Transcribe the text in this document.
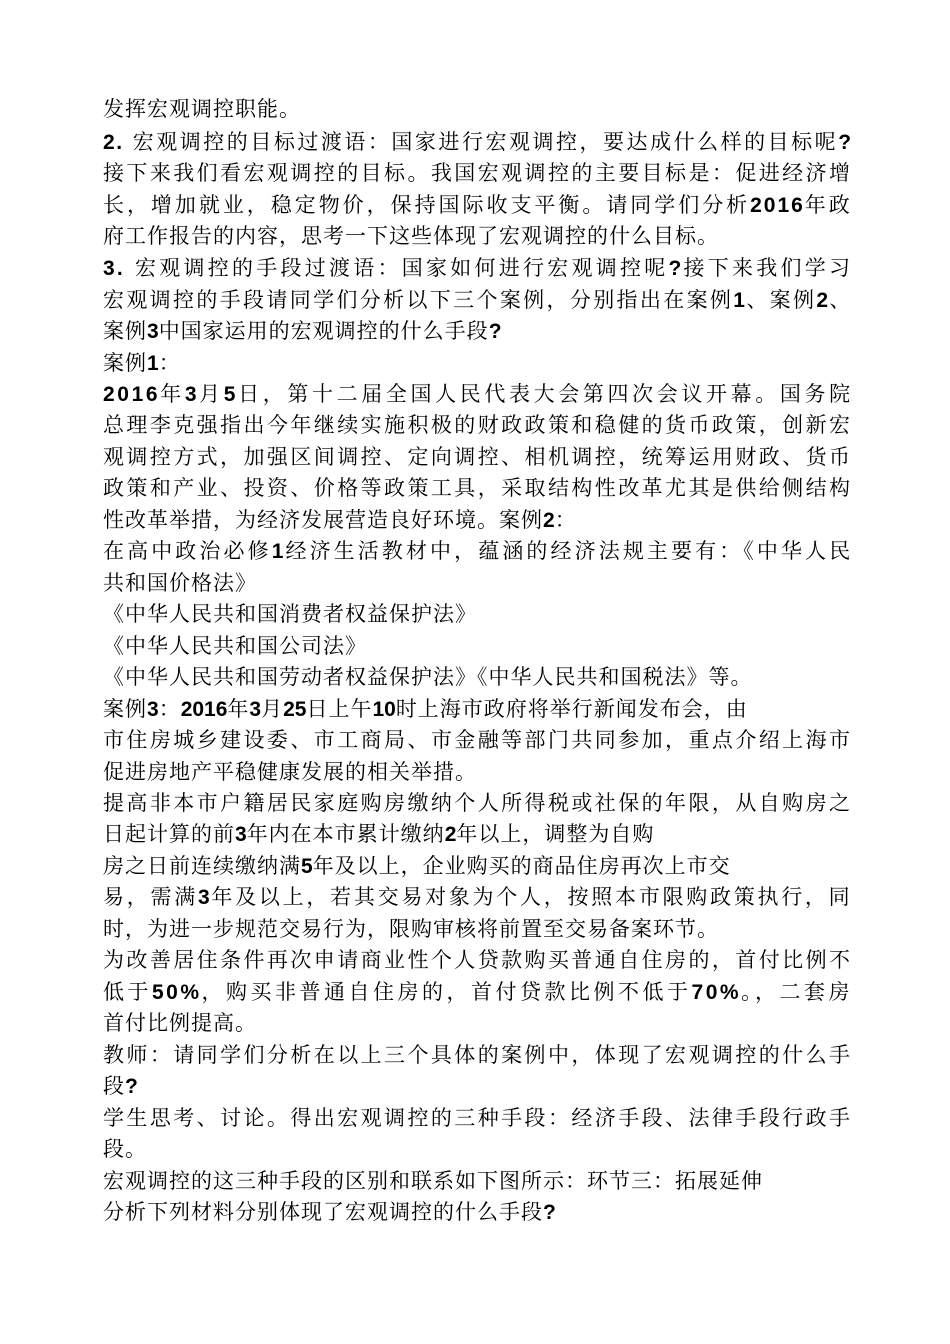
发挥宏观调控职能。
2. 宏观调控的目标过渡语：国家进行宏观调控，要达成什么样的目标呢?
接下来我们看宏观调控的目标。我国宏观调控的主要目标是：促进经济增
长，增加就业，稳定物价，保持国际收支平衡。请同学们分析2016年政
府工作报告的内容，思考一下这些体现了宏观调控的什么目标。
3. 宏观调控的手段过渡语：国家如何进行宏观调控呢?接下来我们学习
宏观调控的手段请同学们分析以下三个案例，分别指出在案例1、案例2、
案例3中国家运用的宏观调控的什么手段?
案例1：
2016年3月5日，第十二届全国人民代表大会第四次会议开幕。国务院
总理李克强指出今年继续实施积极的财政政策和稳健的货币政策，创新宏
观调控方式，加强区间调控、定向调控、相机调控，统筹运用财政、货币
政策和产业、投资、价格等政策工具，采取结构性改革尤其是供给侧结构
性改革举措，为经济发展营造良好环境。案例2：
在高中政治必修1经济生活教材中，蕴涵的经济法规主要有：《中华人民
共和国价格法》
《中华人民共和国消费者权益保护法》
《中华人民共和国公司法》
《中华人民共和国劳动者权益保护法》《中华人民共和国税法》等。
案例3：2016年3月25日上午10时上海市政府将举行新闻发布会，由
市住房城乡建设委、市工商局、市金融等部门共同参加，重点介绍上海市
促进房地产平稳健康发展的相关举措。
提高非本市户籍居民家庭购房缴纳个人所得税或社保的年限，从自购房之
日起计算的前3年内在本市累计缴纳2年以上，调整为自购
房之日前连续缴纳满5年及以上，企业购买的商品住房再次上市交
易，需满3年及以上，若其交易对象为个人，按照本市限购政策执行，同
时，为进一步规范交易行为，限购审核将前置至交易备案环节。
为改善居住条件再次申请商业性个人贷款购买普通自住房的，首付比例不
低于50%，购买非普通自住房的，首付贷款比例不低于70%。，二套房
首付比例提高。
教师：请同学们分析在以上三个具体的案例中，体现了宏观调控的什么手
段?
学生思考、讨论。得出宏观调控的三种手段：经济手段、法律手段行政手
段。
宏观调控的这三种手段的区别和联系如下图所示：环节三：拓展延伸
分析下列材料分别体现了宏观调控的什么手段?
